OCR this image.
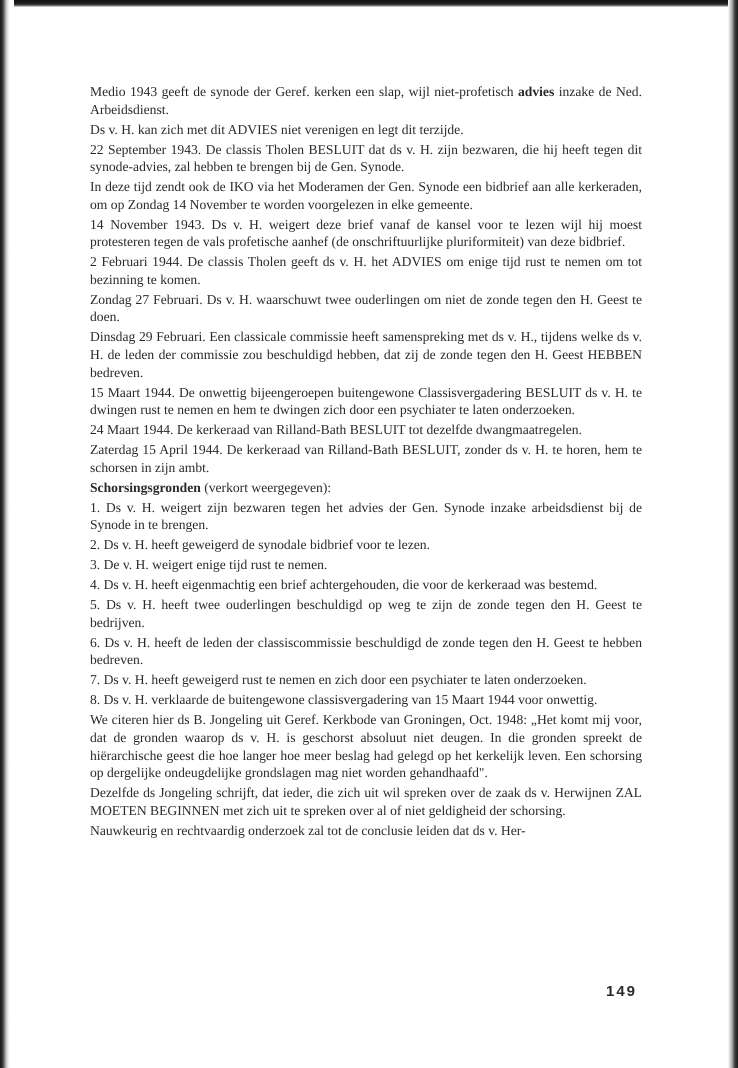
Medio 1943 geeft de synode der Geref. kerken een slap, wijl niet-profetisch advies inzake de Ned. Arbeidsdienst.

Ds v. H. kan zich met dit ADVIES niet verenigen en legt dit terzijde.

22 September 1943. De classis Tholen BESLUIT dat ds v. H. zijn bezwaren, die hij heeft tegen dit synode-advies, zal hebben te brengen bij de Gen. Synode.

In deze tijd zendt ook de IKO via het Moderamen der Gen. Synode een bidbrief aan alle kerkeraden, om op Zondag 14 November te worden voorgelezen in elke gemeente.

14 November 1943. Ds v. H. weigert deze brief vanaf de kansel voor te lezen wijl hij moest protesteren tegen de vals profetische aanhef (de onschriftuurlijke pluriformiteit) van deze bidbrief.

2 Februari 1944. De classis Tholen geeft ds v. H. het ADVIES om enige tijd rust te nemen om tot bezinning te komen.

Zondag 27 Februari. Ds v. H. waarschuwt twee ouderlingen om niet de zonde tegen den H. Geest te doen.

Dinsdag 29 Februari. Een classicale commissie heeft samenspreking met ds v. H., tijdens welke ds v. H. de leden der commissie zou beschuldigd hebben, dat zij de zonde tegen den H. Geest HEBBEN bedreven.

15 Maart 1944. De onwettig bijeengeroepen buitengewone Classisvergadering BESLUIT ds v. H. te dwingen rust te nemen en hem te dwingen zich door een psychiater te laten onderzoeken.

24 Maart 1944. De kerkeraad van Rilland-Bath BESLUIT tot dezelfde dwangmaatregelen.

Zaterdag 15 April 1944. De kerkeraad van Rilland-Bath BESLUIT, zonder ds v. H. te horen, hem te schorsen in zijn ambt.

Schorsingsgronden (verkort weergegeven):

1. Ds v. H. weigert zijn bezwaren tegen het advies der Gen. Synode inzake arbeidsdienst bij de Synode in te brengen.

2. Ds v. H. heeft geweigerd de synodale bidbrief voor te lezen.

3. De v. H. weigert enige tijd rust te nemen.

4. Ds v. H. heeft eigenmachtig een brief achtergehouden, die voor de kerkeraad was bestemd.

5. Ds v. H. heeft twee ouderlingen beschuldigd op weg te zijn de zonde tegen den H. Geest te bedrijven.

6. Ds v. H. heeft de leden der classiscommissie beschuldigd de zonde tegen den H. Geest te hebben bedreven.

7. Ds v. H. heeft geweigerd rust te nemen en zich door een psychiater te laten onderzoeken.

8. Ds v. H. verklaarde de buitengewone classisvergadering van 15 Maart 1944 voor onwettig.

We citeren hier ds B. Jongeling uit Geref. Kerkbode van Groningen, Oct. 1948: „Het komt mij voor, dat de gronden waarop ds v. H. is geschorst absoluut niet deugen. In die gronden spreekt de hiërarchische geest die hoe langer hoe meer beslag had gelegd op het kerkelijk leven. Een schorsing op dergelijke ondeugdelijke grondslagen mag niet worden gehandhaafd".

Dezelfde ds Jongeling schrijft, dat ieder, die zich uit wil spreken over de zaak ds v. Herwijnen ZAL MOETEN BEGINNEN met zich uit te spreken over al of niet geldigheid der schorsing.

Nauwkeurig en rechtvaardig onderzoek zal tot de conclusie leiden dat ds v. Her-

149
